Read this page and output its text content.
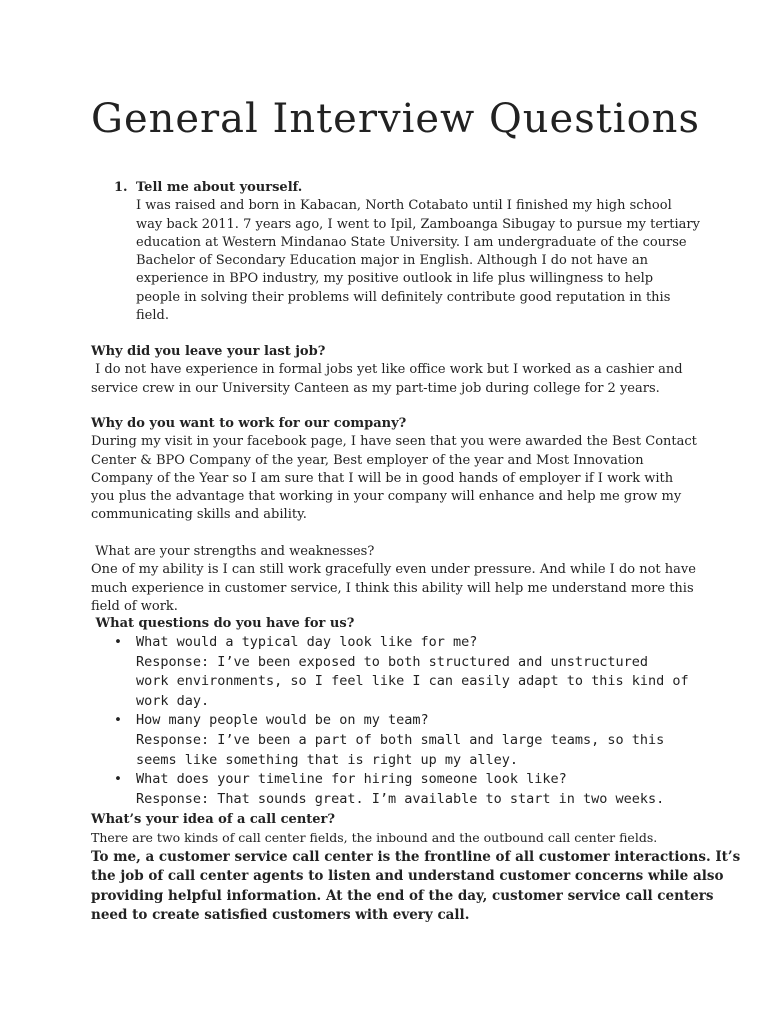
General Interview Questions
1. Tell me about yourself.
I was raised and born in Kabacan, North Cotabato until I finished my high school
way back 2011. 7 years ago, I went to Ipil, Zamboanga Sibugay to pursue my tertiary
education at Western Mindanao State University. I am undergraduate of the course
Bachelor of Secondary Education major in English. Although I do not have an
experience in BPO industry, my positive outlook in life plus willingness to help
people in solving their problems will definitely contribute good reputation in this
field.
Why did you leave your last job?
I do not have experience in formal jobs yet like office work but I worked as a cashier and
service crew in our University Canteen as my part-time job during college for 2 years.
Why do you want to work for our company?
During my visit in your facebook page, I have seen that you were awarded the Best Contact
Center & BPO Company of the year, Best employer of the year and Most Innovation
Company of the Year so I am sure that I will be in good hands of employer if I work with
you plus the advantage that working in your company will enhance and help me grow my
communicating skills and ability.
What are your strengths and weaknesses?
One of my ability is I can still work gracefully even under pressure. And while I do not have
much experience in customer service, I think this ability will help me understand more this
field of work.
What questions do you have for us?
• What would a typical day look like for me?
Response: I’ve been exposed to both structured and unstructured
work environments, so I feel like I can easily adapt to this kind of
work day.
• How many people would be on my team?
Response: I’ve been a part of both small and large teams, so this
seems like something that is right up my alley.
• What does your timeline for hiring someone look like?
Response: That sounds great. I’m available to start in two weeks.
What’s your idea of a call center?
There are two kinds of call center fields, the inbound and the outbound call center fields.
To me, a customer service call center is the frontline of all customer interactions. It’s
the job of call center agents to listen and understand customer concerns while also
providing helpful information. At the end of the day, customer service call centers
need to create satisfied customers with every call.
